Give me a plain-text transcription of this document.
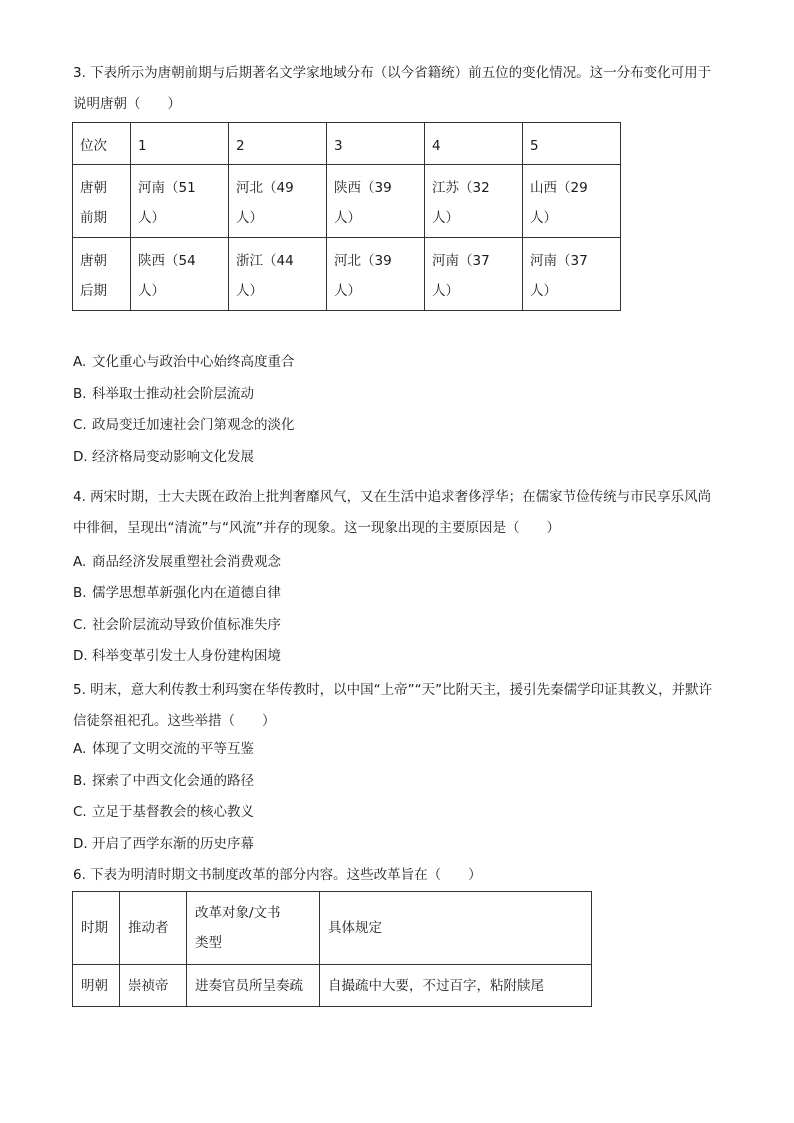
3. 下表所示为唐朝前期与后期著名文学家地域分布（以今省籍统）前五位的变化情况。这一分布变化可用于说明唐朝（　　）

位次	1	2	3	4	5

唐朝前期	河南（51人）	河北（49人）	陕西（39人）	江苏（32人）	山西（29人）

唐朝后期	陕西（54人）	浙江（44人）	河北（39人）	河南（37人）	河南（37人）

A. 文化重心与政治中心始终高度重合

B. 科举取士推动社会阶层流动

C. 政局变迁加速社会门第观念的淡化

D. 经济格局变动影响文化发展

4. 两宋时期，士大夫既在政治上批判奢靡风气，又在生活中追求奢侈浮华；在儒家节俭传统与市民享乐风尚中徘徊，呈现出“清流”与“风流”并存的现象。这一现象出现的主要原因是（　　）

A. 商品经济发展重塑社会消费观念

B. 儒学思想革新强化内在道德自律

C. 社会阶层流动导致价值标准失序

D. 科举变革引发士人身份建构困境

5. 明末，意大利传教士利玛窦在华传教时，以中国“上帝”“天”比附天主，援引先秦儒学印证其教义，并默许信徒祭祖祀孔。这些举措（　　）

A. 体现了文明交流的平等互鉴

B. 探索了中西文化会通的路径

C. 立足于基督教会的核心教义

D. 开启了西学东渐的历史序幕

6. 下表为明清时期文书制度改革的部分内容。这些改革旨在（　　）

时期	推动者	改革对象/文书类型	具体规定
明朝	崇祯帝	进奏官员所呈奏疏	自撮疏中大要，不过百字，粘附牍尾
